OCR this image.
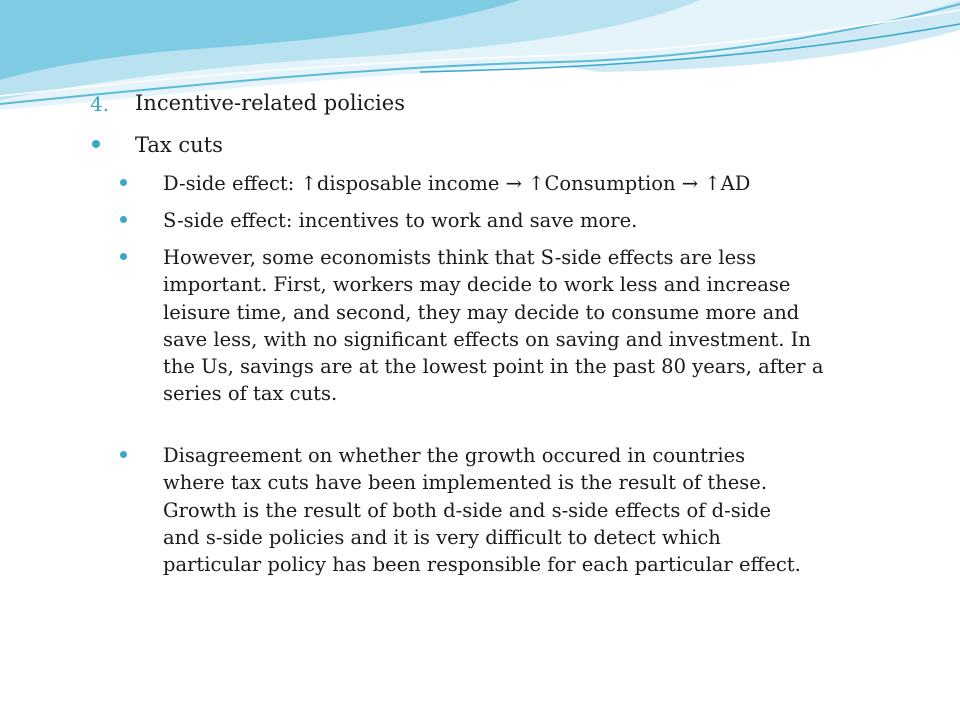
4. Incentive-related policies
Tax cuts
D-side effect: ↑disposable income → ↑Consumption → ↑AD
S-side effect: incentives to work and save more.
However, some economists think that S-side effects are less
important. First, workers may decide to work less and increase
leisure time, and second, they may decide to consume more and
save less, with no significant effects on saving and investment. In
the Us, savings are at the lowest point in the past 80 years, after a
series of tax cuts.
Disagreement on whether the growth occured in countries
where tax cuts have been implemented is the result of these.
Growth is the result of both d-side and s-side effects of d-side
and s-side policies and it is very difficult to detect which
particular policy has been responsible for each particular effect.
